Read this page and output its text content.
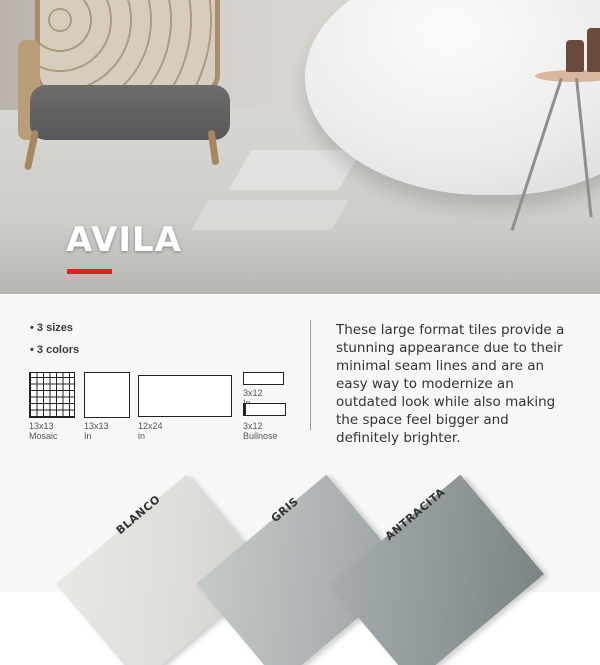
AVILA
• 3 sizes
• 3 colors
13x13
Mosaic
13x13 In
12x24 in
3x12
3x12
Bullnose

These large format tiles provide a stunning appearance due to their minimal seam lines and are an easy way to modernize an outdated look while also making the space feel bigger and definitely brighter.

BLANCO	GRIS	ANTRACITA
